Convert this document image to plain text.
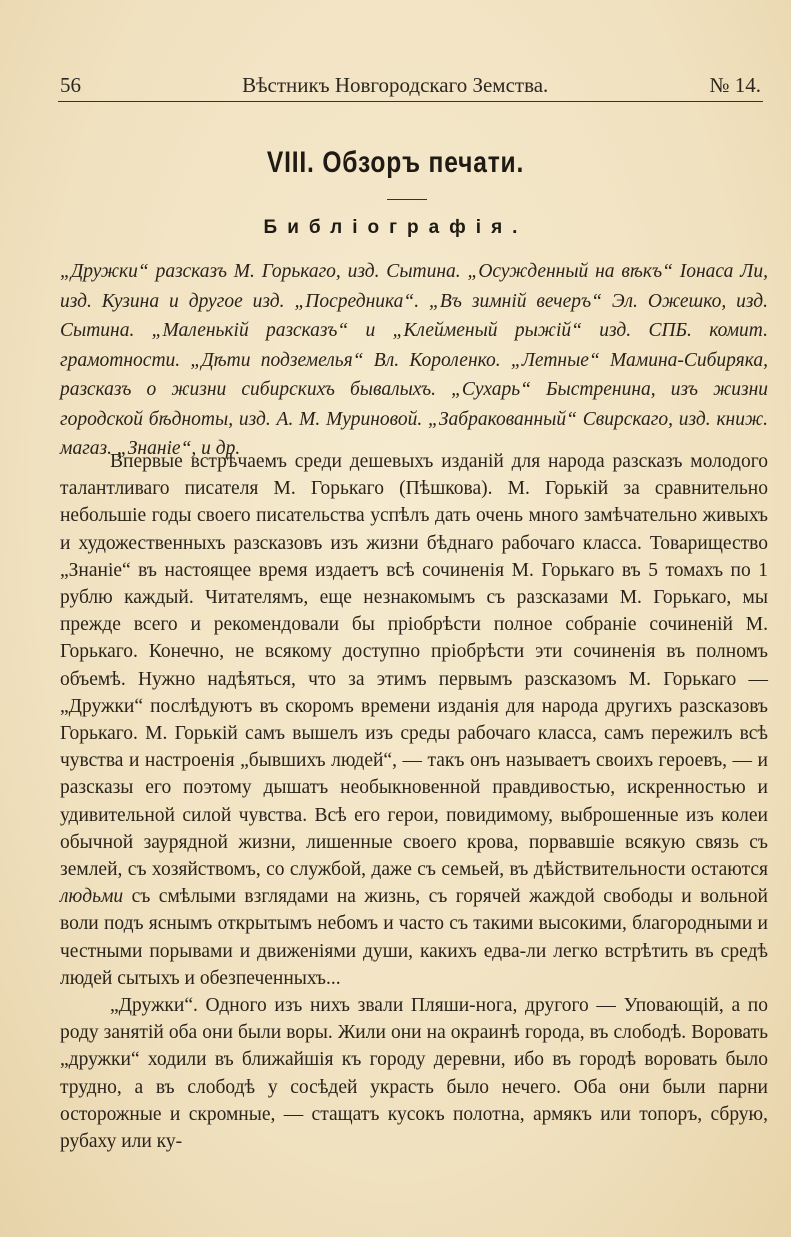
56	Вѣстникъ Новгородскаго Земства.	№ 14.
VIII. Обзоръ печати.
Библіографія.
„Дружки“ разсказъ М. Горькаго, изд. Сытина. „Осужденный на вѣкъ“ Іонаса Ли, изд. Кузина и другое изд. „Посредника“. „Въ зимній вечеръ“ Эл. Ожешко, изд. Сытина. „Маленькій разсказъ“ и „Клейменый рыжій“ изд. СПБ. комит. грамотности. „Дѣти подземелья“ Вл. Короленко. „Летные“ Мамина-Сибиряка, разсказъ о жизни сибирскихъ бывалыхъ. „Сухарь“ Быстренина, изъ жизни городской бѣдноты, изд. А. М. Муриновой. „Забракованный“ Свирскаго, изд. книж. магаз. „Знаніе“, и др.

Впервые встрѣчаемъ среди дешевыхъ изданій для народа разсказъ молодого талантливаго писателя М. Горькаго (Пѣшкова). М. Горькій за сравнительно небольшіе годы своего писательства успѣлъ дать очень много замѣчательно живыхъ и художественныхъ разсказовъ изъ жизни бѣднаго рабочаго класса. Товарищество „Знаніе“ въ настоящее время издаетъ всѣ сочиненія М. Горькаго въ 5 томахъ по 1 рублю каждый. Читателямъ, еще незнакомымъ съ разсказами М. Горькаго, мы прежде всего и рекомендовали бы пріобрѣсти полное собраніе сочиненій М. Горькаго. Конечно, не всякому доступно пріобрѣсти эти сочиненія въ полномъ объемѣ. Нужно надѣяться, что за этимъ первымъ разсказомъ М. Горькаго — „Дружки“ послѣдуютъ въ скоромъ времени изданія для народа другихъ разсказовъ Горькаго. М. Горькій самъ вышелъ изъ среды рабочаго класса, самъ пережилъ всѣ чувства и настроенія „бывшихъ людей“, — такъ онъ называетъ своихъ героевъ, — и разсказы его поэтому дышатъ необыкновенной правдивостью, искренностью и удивительной силой чувства. Всѣ его герои, повидимому, выброшенные изъ колеи обычной заурядной жизни, лишенные своего крова, порвавшіе всякую связь съ землей, съ хозяйствомъ, со службой, даже съ семьей, въ дѣйствительности остаются людьми съ смѣлыми взглядами на жизнь, съ горячей жаждой свободы и вольной воли подъ яснымъ открытымъ небомъ и часто съ такими высокими, благородными и честными порывами и движеніями души, какихъ едва-ли легко встрѣтить въ средѣ людей сытыхъ и обезпеченныхъ...

„Дружки“. Одного изъ нихъ звали Пляши-нога, другого — Уповающій, а по роду занятій оба они были воры. Жили они на окраинѣ города, въ слободѣ. Воровать „дружки“ ходили въ ближайшія къ городу деревни, ибо въ городѣ воровать было трудно, а въ слободѣ у сосѣдей украсть было нечего. Оба они были парни осторожные и скромные, — стащатъ кусокъ полотна, армякъ или топоръ, сбрую, рубаху или ку-
